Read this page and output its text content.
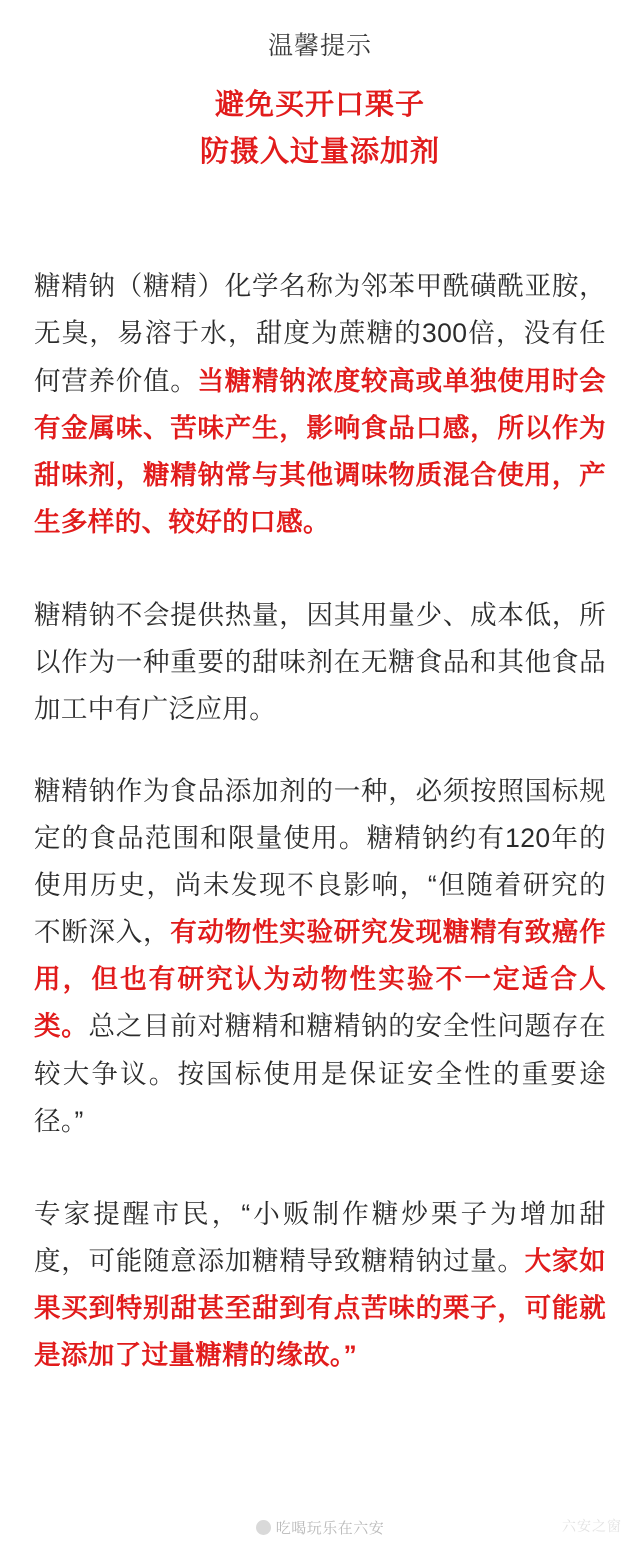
温馨提示
避免买开口栗子
防摄入过量添加剂

糖精钠（糖精）化学名称为邻苯甲酰磺酰亚胺，无臭，易溶于水，甜度为蔗糖的300倍，没有任何营养价值。当糖精钠浓度较高或单独使用时会有金属味、苦味产生，影响食品口感，所以作为甜味剂，糖精钠常与其他调味物质混合使用，产生多样的、较好的口感。

糖精钠不会提供热量，因其用量少、成本低，所以作为一种重要的甜味剂在无糖食品和其他食品加工中有广泛应用。

糖精钠作为食品添加剂的一种，必须按照国标规定的食品范围和限量使用。糖精钠约有120年的使用历史，尚未发现不良影响，“但随着研究的不断深入，有动物性实验研究发现糖精有致癌作用，但也有研究认为动物性实验不一定适合人类。总之目前对糖精和糖精钠的安全性问题存在较大争议。按国标使用是保证安全性的重要途径。”

专家提醒市民，“小贩制作糖炒栗子为增加甜度，可能随意添加糖精导致糖精钠过量。大家如果买到特别甜甚至甜到有点苦味的栗子，可能就是添加了过量糖精的缘故。”

吃喝玩乐在六安	六安之窗
